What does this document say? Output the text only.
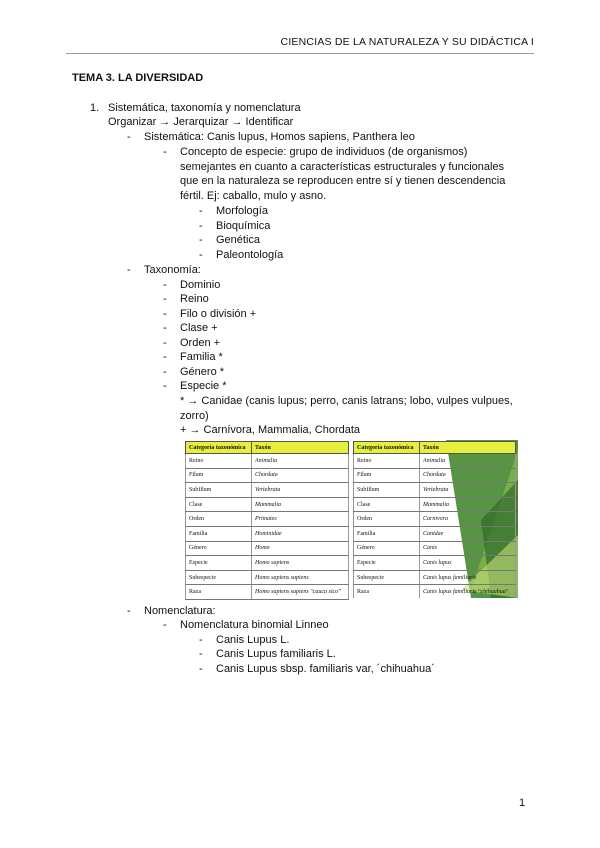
CIENCIAS DE LA NATURALEZA Y SU DIDÁCTICA I
TEMA 3. LA DIVERSIDAD
1. Sistemática, taxonomía y nomenclatura
Organizar → Jerarquizar → Identificar
- Sistemática: Canis lupus, Homos sapiens, Panthera leo
- Concepto de especie: grupo de individuos (de organismos) semejantes en cuanto a características estructurales y funcionales que en la naturaleza se reproducen entre sí y tienen descendencia fértil. Ej: caballo, mulo y asno.
- Morfología
- Bioquímica
- Genética
- Paleontología
- Taxonomía:
- Dominio
- Reino
- Filo o división +
- Clase +
- Orden +
- Familia *
- Género *
- Especie *
* → Canidae (canis lupus; perro, canis latrans; lobo, vulpes vulpues, zorro)
+ → Carnívora, Mammalia, Chordata
Categoría taxonómica	Taxón
Reino	Animalia
Filum	Chordata
Subfilum	Vertebrata
Clase	Mammalia
Orden	Primates
Familia	Hominidae
Género	Homo
Especie	Homo sapiens
Subespecie	Homo sapiens sapiens
Raza	Homo sapiens sapiens "cauca sico"
Categoría taxonómica	Taxón
Reino	Animalia
Filum	Chordata
Subfilum	Vertebrata
Clase	Mammalia
Orden	Carnivora
Familia	Canidae
Género	Canis
Especie	Canis lupus
Subespecie	Canis lupus familiaris
Raza	Canis lupus familiaris "chihuahua"
- Nomenclatura:
- Nomenclatura binomial Linneo
- Canis Lupus L.
- Canis Lupus familiaris L.
- Canis Lupus sbsp. familiaris var, ´chihuahua´
1
